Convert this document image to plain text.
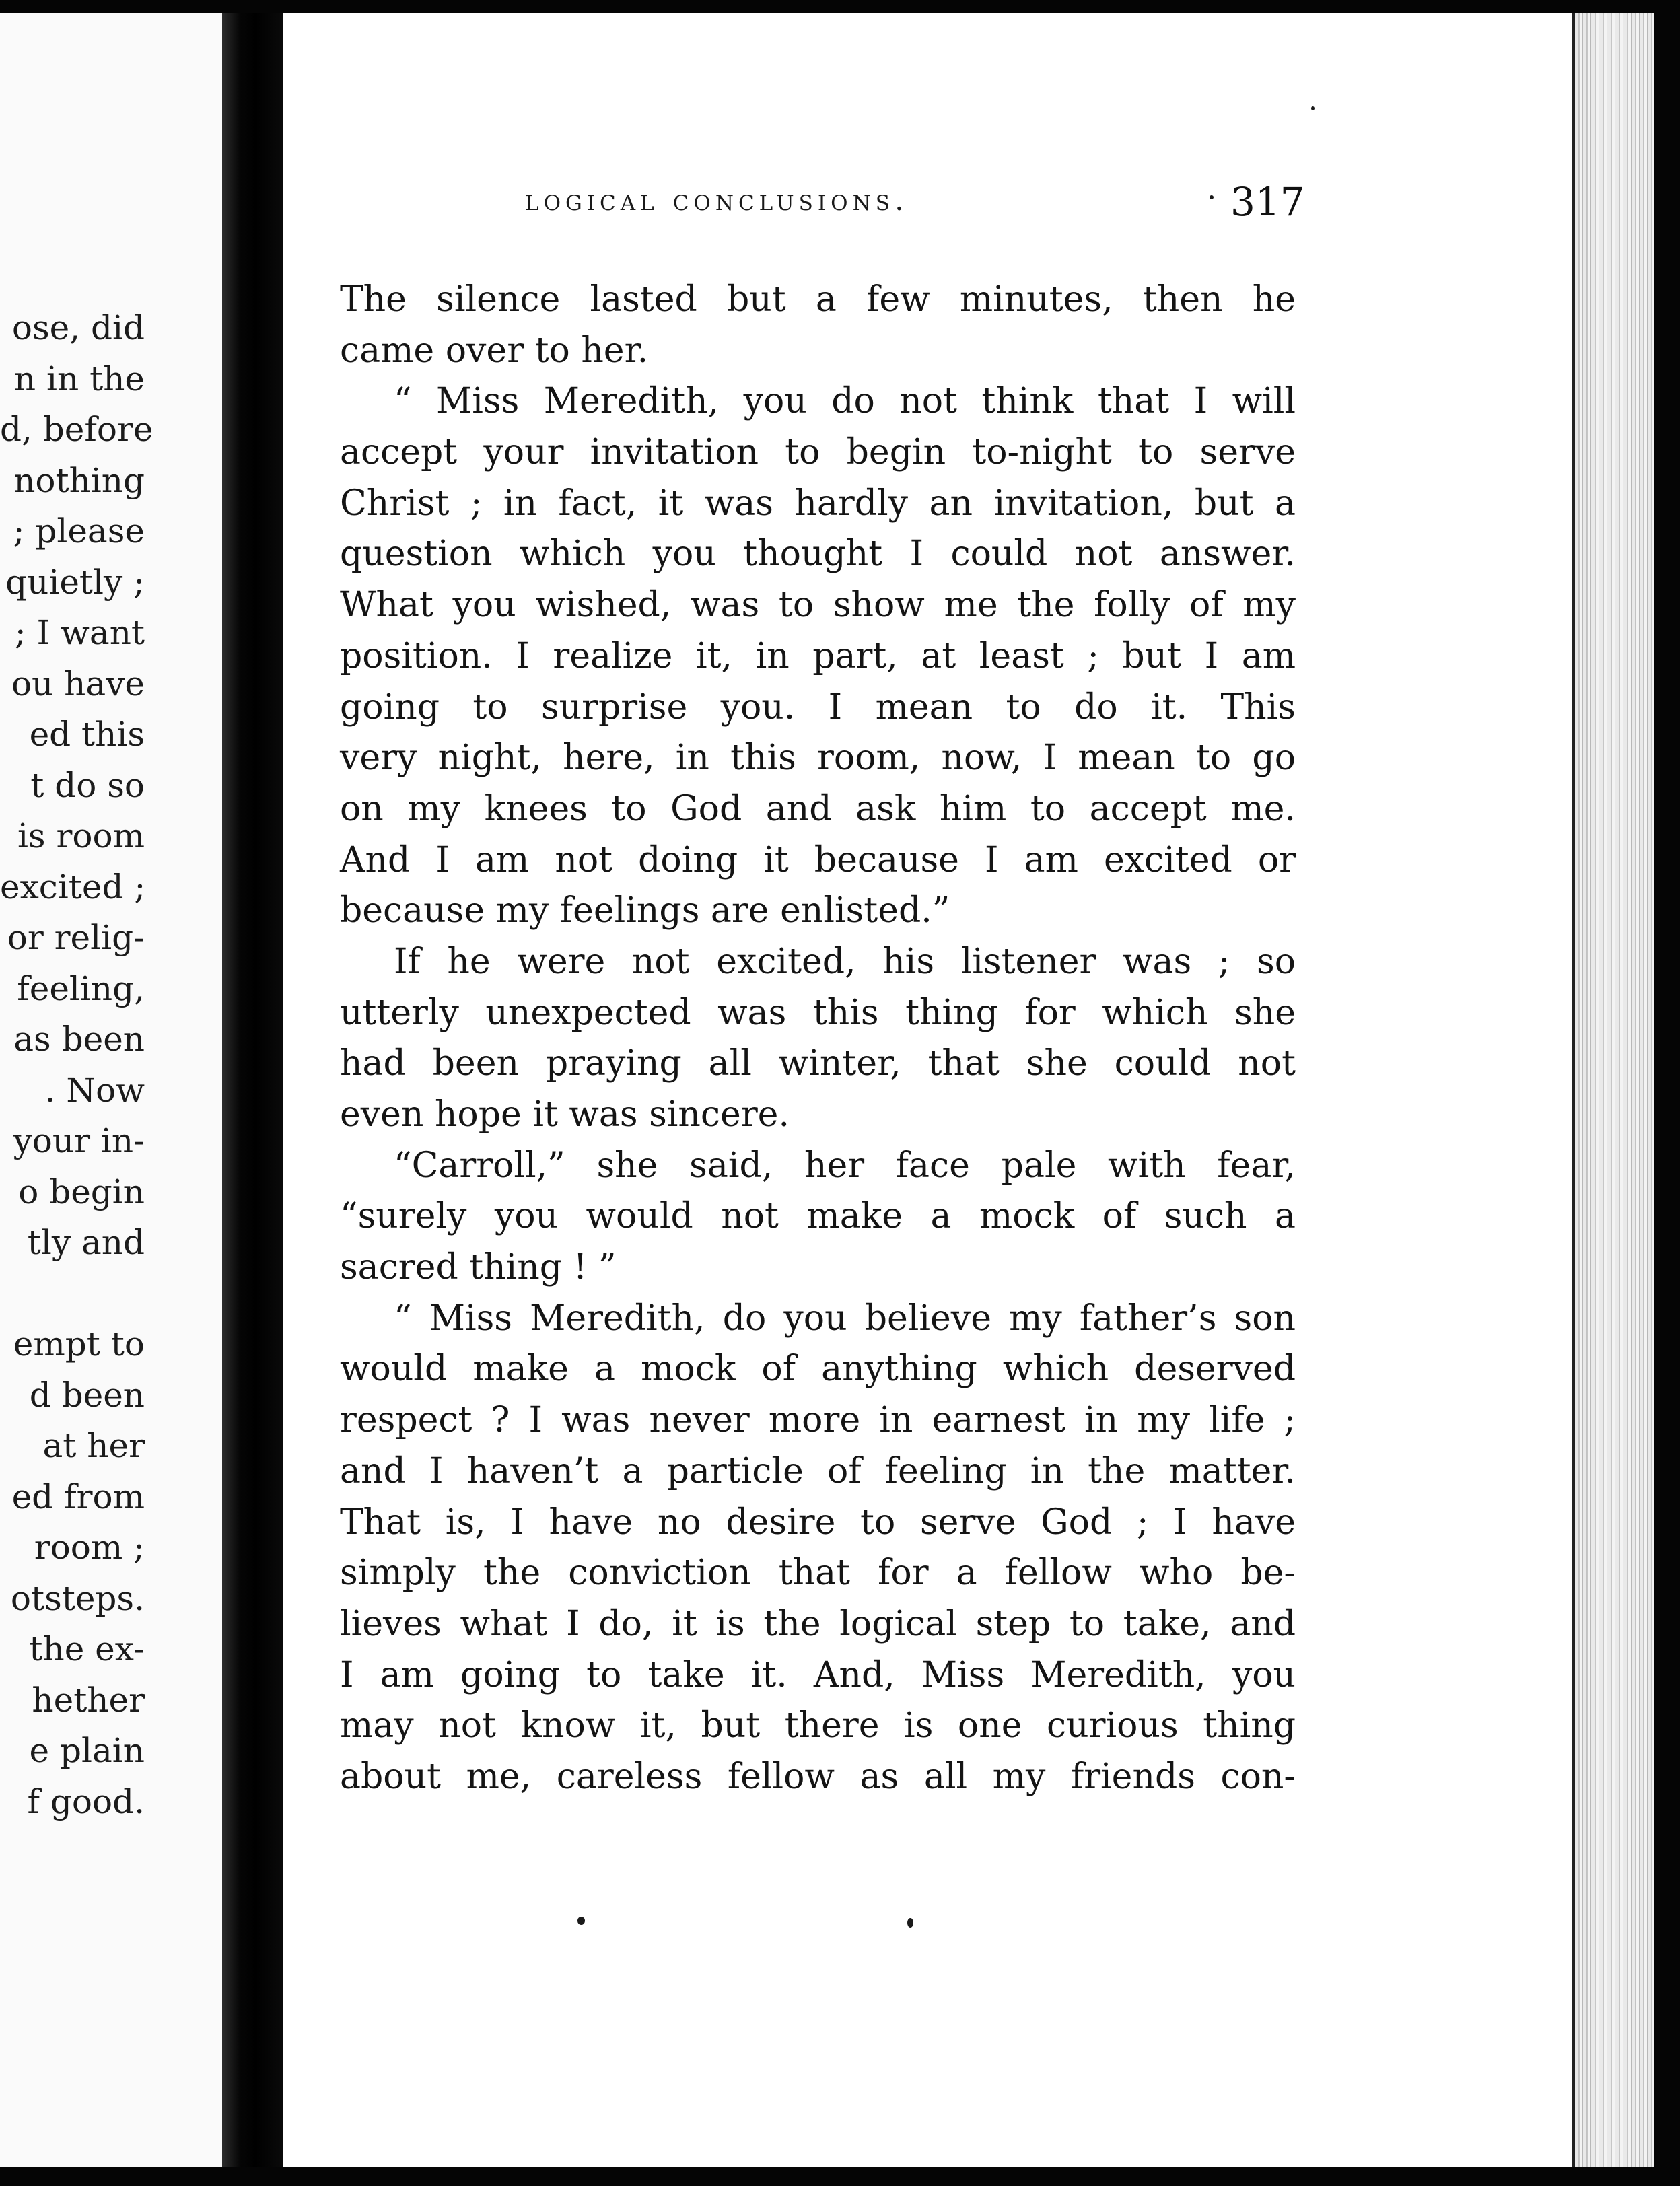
ose, did
n in the
d, before
nothing
; please
quietly ;
; I want
ou have
ed this
t do so
is room
excited ;
or relig-
feeling,
as been
. Now
your in-
o begin
tly and
empt to
d been
at her
ed from
room ;
otsteps.
the ex-
hether
e plain
f good.
logical conclusions.	317
The silence lasted but a few minutes, then he
came over to her.
“ Miss Meredith, you do not think that I will
accept your invitation to begin to-night to serve
Christ ; in fact, it was hardly an invitation, but a
question which you thought I could not answer.
What you wished, was to show me the folly of my
position. I realize it, in part, at least ; but I am
going to surprise you. I mean to do it. This
very night, here, in this room, now, I mean to go
on my knees to God and ask him to accept me.
And I am not doing it because I am excited or
because my feelings are enlisted.”
If he were not excited, his listener was ; so
utterly unexpected was this thing for which she
had been praying all winter, that she could not
even hope it was sincere.
“Carroll,” she said, her face pale with fear,
“surely you would not make a mock of such a
sacred thing ! ”
“ Miss Meredith, do you believe my father’s son
would make a mock of anything which deserved
respect ? I was never more in earnest in my life ;
and I haven’t a particle of feeling in the matter.
That is, I have no desire to serve God ; I have
simply the conviction that for a fellow who be-
lieves what I do, it is the logical step to take, and
I am going to take it. And, Miss Meredith, you
may not know it, but there is one curious thing
about me, careless fellow as all my friends con-
